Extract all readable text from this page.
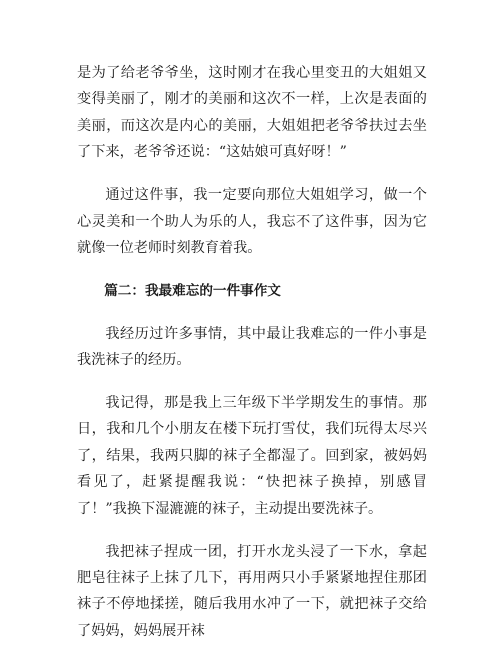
是为了给老爷爷坐，这时刚才在我心里变丑的大姐姐又变得美丽了，刚才的美丽和这次不一样，上次是表面的美丽，而这次是内心的美丽，大姐姐把老爷爷扶过去坐了下来，老爷爷还说：“这姑娘可真好呀！”

通过这件事，我一定要向那位大姐姐学习，做一个心灵美和一个助人为乐的人，我忘不了这件事，因为它就像一位老师时刻教育着我。

篇二：我最难忘的一件事作文

我经历过许多事情，其中最让我难忘的一件小事是我洗袜子的经历。

我记得，那是我上三年级下半学期发生的事情。那日，我和几个小朋友在楼下玩打雪仗，我们玩得太尽兴了，结果，我两只脚的袜子全都湿了。回到家，被妈妈看见了，赶紧提醒我说：“快把袜子换掉，别感冒了！”我换下湿漉漉的袜子，主动提出要洗袜子。

我把袜子捏成一团，打开水龙头浸了一下水，拿起肥皂往袜子上抹了几下，再用两只小手紧紧地捏住那团袜子不停地揉搓，随后我用水冲了一下，就把袜子交给了妈妈，妈妈展开袜
